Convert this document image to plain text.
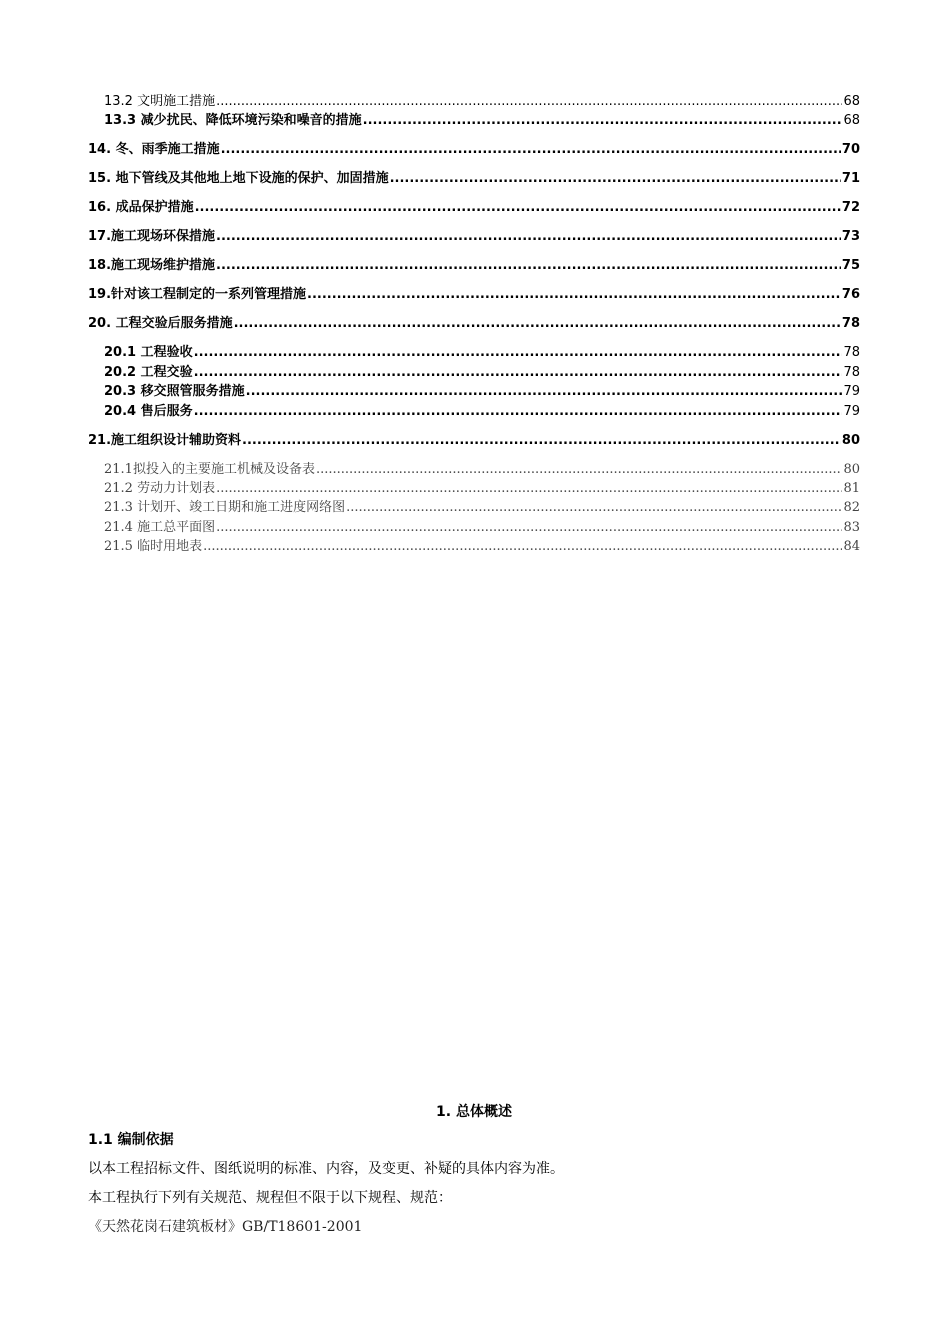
13.2 文明施工措施 .....	68
13.3 减少扰民、降低环境污染和噪音的措施 .....	68
14. 冬、雨季施工措施 .....	70
15. 地下管线及其他地上地下设施的保护、加固措施 .....	71
16. 成品保护措施 .....	72
17.施工现场环保措施 .....	73
18.施工现场维护措施 .....	75
19.针对该工程制定的一系列管理措施 .....	76
20. 工程交验后服务措施 .....	78
20.1 工程验收 .....	78
20.2 工程交验 .....	78
20.3 移交照管服务措施 .....	79
20.4 售后服务 .....	79
21.施工组织设计辅助资料 .....	80
21.1拟投入的主要施工机械及设备表 .....	80
21.2 劳动力计划表 .....	81
21.3 计划开、竣工日期和施工进度网络图 .....	82
21.4 施工总平面图 .....	83
21.5 临时用地表 .....	84
1. 总体概述
1.1 编制依据
以本工程招标文件、图纸说明的标准、内容，及变更、补疑的具体内容为准。
本工程执行下列有关规范、规程但不限于以下规程、规范：
《天然花岗石建筑板材》GB/T18601-2001
